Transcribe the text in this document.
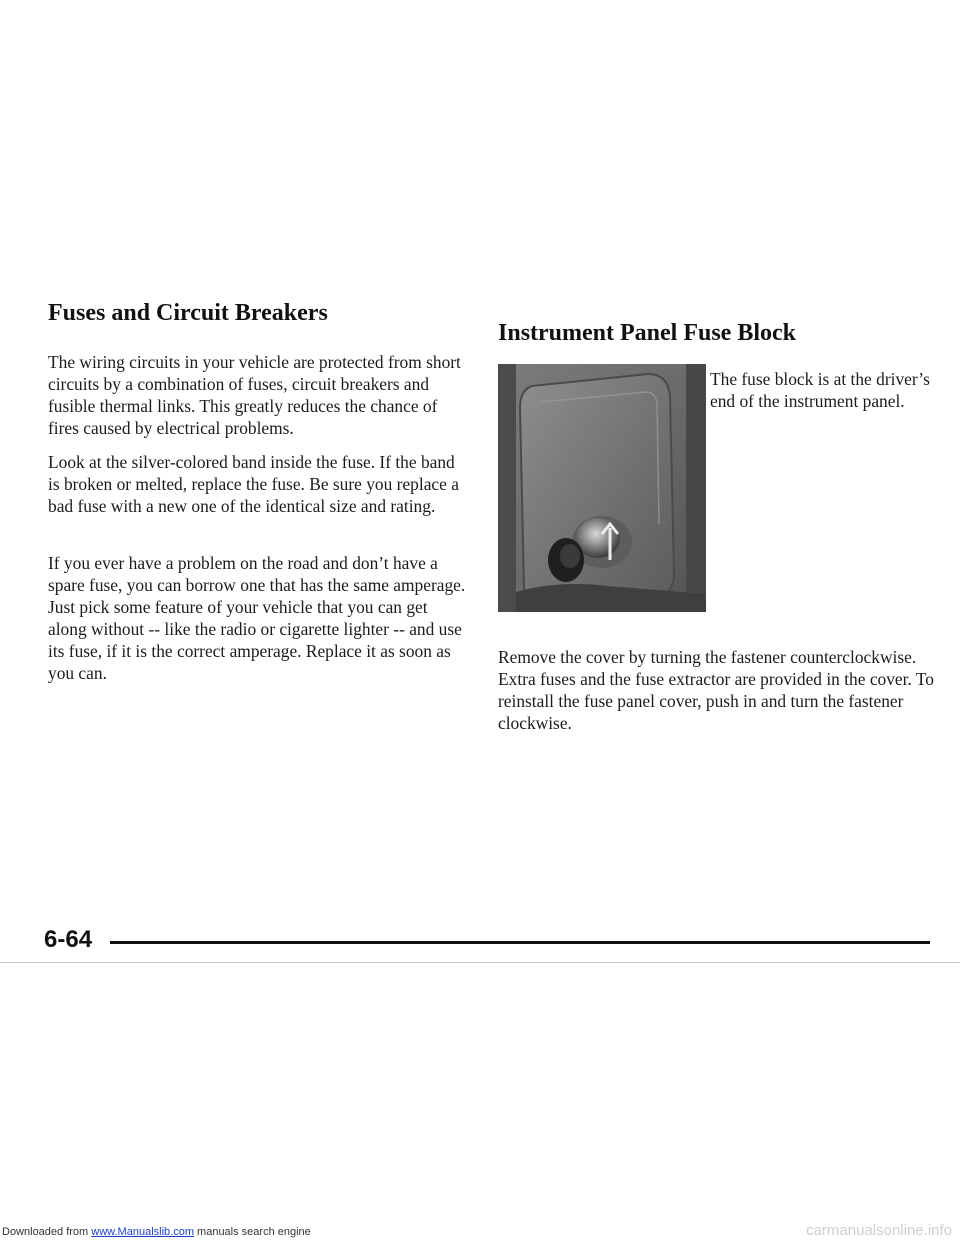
Fuses and Circuit Breakers

The wiring circuits in your vehicle are protected from short circuits by a combination of fuses, circuit breakers and fusible thermal links. This greatly reduces the chance of fires caused by electrical problems.

Look at the silver-colored band inside the fuse. If the band is broken or melted, replace the fuse. Be sure you replace a bad fuse with a new one of the identical size and rating.

If you ever have a problem on the road and don’t have a spare fuse, you can borrow one that has the same amperage. Just pick some feature of your vehicle that you can get along without -- like the radio or cigarette lighter -- and use its fuse, if it is the correct amperage. Replace it as soon as you can.

Instrument Panel Fuse Block

The fuse block is at the driver’s end of the instrument panel.

Remove the cover by turning the fastener counterclockwise. Extra fuses and the fuse extractor are provided in the cover. To reinstall the fuse panel cover, push in and turn the fastener clockwise.

6-64
Downloaded from www.Manualslib.com manuals search engine	carmanualsonline.info
